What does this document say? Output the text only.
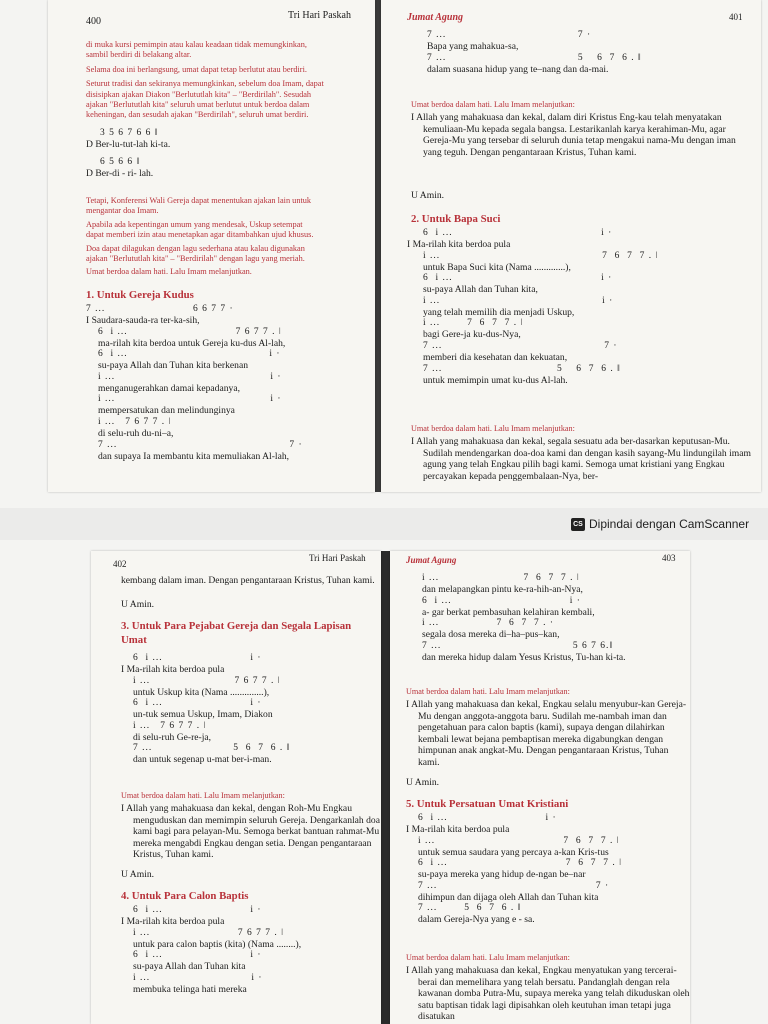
400
Tri Hari Paskah
di muka kursi pemimpin atau kalau keadaan tidak memungkinkan,
sambil berdiri di belakang altar.
Selama doa ini berlangsung, umat dapat tetap berlutut atau berdiri.
Seturut tradisi dan sekiranya memungkinkan, sebelum doa Imam, dapat
disisipkan ajakan Diakon "Berlututlah kita" – "Berdirilah". Sesudah
ajakan "Berlututlah kita" seluruh umat berlutut untuk berdoa dalam
keheningan, dan sesudah ajakan "Berdirilah", seluruh umat berdiri.
3 5 6 7 6 6 ǁ
D Ber-lu-tut-lah ki-ta.
6 5 6 6 ǁ
D Ber-di - ri- lah.
Tetapi, Konferensi Wali Gereja dapat menentukan ajakan lain untuk
mengantar doa Imam.
Apabila ada kepentingan umum yang mendesak, Uskup setempat
dapat memberi izin atau menetapkan agar ditambahkan ujud khusus.
Doa dapat dilagukan dengan lagu sederhana atau kalau digunakan
ajakan "Berlututlah kita" – "Berdirilah" dengan lagu yang meriah.
Umat berdoa dalam hati. Lalu Imam melanjutkan.
1. Untuk Gereja Kudus
7 ...                          6 6 7 7 ·
I Saudara-sauda-ra ter-ka-sih,
6  i ...                                7 6 7 7 . ǀ
ma-rilah kita berdoa untuk Gereja ku-dus Al-lah,
6  i ...                                          i ·
su-paya Allah dan Tuhan kita berkenan
i ...                                              i ·
menganugerahkan damai kepadanya,
i ...                                              i ·
mempersatukan dan melindunginya
i ...   7 6 7 7 . ǀ
di selu-ruh du-ni–a,
7 ...                                                   7 ·
dan supaya Ia membantu kita memuliakan Al-lah,
Jumat Agung	401
7 ...                                       7 ·
Bapa yang mahakua-sa,
7 ...                                       5    6  7  6 . ǁ
dalam suasana hidup yang te–nang dan da-mai.
Umat berdoa dalam hati. Lalu Imam melanjutkan:
I Allah yang mahakuasa dan kekal, dalam diri Kristus Eng-kau telah menyatakan kemuliaan-Mu kepada segala bangsa. Lestarikanlah karya kerahiman-Mu, agar Gereja-Mu yang tersebar di seluruh dunia tetap mengakui nama-Mu dengan iman yang teguh. Dengan pengantaraan Kristus, Tuhan kami.
U Amin.
2. Untuk Bapa Suci
6  i ...                                            i ·
I Ma-rilah kita berdoa pula
i ...                                                7  6  7  7 . ǀ
untuk Bapa Suci kita (Nama .............),
6  i ...                                            i ·
su-paya Allah dan Tuhan kita,
i ...                                                i ·
yang telah memilih dia menjadi Uskup,
i ...        7  6  7  7 . ǀ
bagi Gere-ja ku-dus-Nya,
7 ...                                                7 ·
memberi dia kesehatan dan kekuatan,
7 ...                                  5    6  7  6 . ǁ
untuk memimpin umat ku-dus Al-lah.
Umat berdoa dalam hati. Lalu Imam melanjutkan:
I Allah yang mahakuasa dan kekal, segala sesuatu ada ber-dasarkan keputusan-Mu. Sudilah mendengarkan doa-doa kami dan dengan kasih sayang-Mu lindungilah imam agung yang telah Engkau pilih bagi kami. Semoga umat kristiani yang Engkau percayakan kepada penggembalaan-Nya, ber-
CS Dipindai dengan CamScanner
402
Tri Hari Paskah
kembang dalam iman. Dengan pengantaraan Kristus, Tuhan kami.
U Amin.
3. Untuk Para Pejabat Gereja dan Segala Lapisan Umat
6  i ...                          i ·
I Ma-rilah kita berdoa pula
i ...                         7 6 7 7 . ǀ
untuk Uskup kita (Nama ..............),
6  i ...                          i ·
un-tuk semua Uskup, Imam, Diakon
i ...   7 6 7 7 . ǀ
di selu-ruh Ge-re-ja,
7 ...                        5  6  7  6 . ǁ
dan untuk segenap u-mat ber-i-man.
Umat berdoa dalam hati. Lalu Imam melanjutkan:
I Allah yang mahakuasa dan kekal, dengan Roh-Mu Engkau menguduskan dan memimpin seluruh Gereja. Dengarkanlah doa kami bagi para pelayan-Mu. Semoga berkat bantuan rahmat-Mu mereka mengabdi Engkau dengan setia. Dengan pengantaraan Kristus, Tuhan kami.
U Amin.
4. Untuk Para Calon Baptis
6  i ...                          i ·
I Ma-rilah kita berdoa pula
i ...                          7 6 7 7 . ǀ
untuk para calon baptis (kita) (Nama ........),
6  i ...                          i ·
su-paya Allah dan Tuhan kita
i ...                              i ·
membuka telinga hati mereka
Jumat Agung	403
i ...                         7  6  7  7 . ǀ
dan melapangkan pintu ke-ra-hih-an-Nya,
6  i ...                                   i ·
a- gar berkat pembasuhan kelahiran kembali,
i ...                 7  6  7  7 . ·
segala dosa mereka di–ha–pus–kan,
7 ...                                       5 6 7 6.ǁ
dan mereka hidup dalam Yesus Kristus, Tu-han ki-ta.
Umat berdoa dalam hati. Lalu Imam melanjutkan:
I Allah yang mahakuasa dan kekal, Engkau selalu menyubur-kan Gereja-Mu dengan anggota-anggota baru. Sudilah me-nambah iman dan pengetahuan para calon baptis (kami), supaya dengan dilahirkan kembali lewat bejana pembaptisan mereka digabungkan dengan himpunan anak angkat-Mu. Dengan pengantaraan Kristus, Tuhan kami.
U Amin.
5. Untuk Persatuan Umat Kristiani
6  i ...                             i ·
I Ma-rilah kita berdoa pula
i ...                                      7  6  7  7 . ǀ
untuk semua saudara yang percaya a-kan Kris-tus
6  i ...                                   7  6  7  7 . ǀ
su-paya mereka yang hidup de-ngan be–nar
7 ...                                               7 ·
dihimpun dan dijaga oleh Allah dan Tuhan kita
7 ...        5  6  7  6 . ǁ
dalam Gereja-Nya yang e - sa.
Umat berdoa dalam hati. Lalu Imam melanjutkan:
I Allah yang mahakuasa dan kekal, Engkau menyatukan yang tercerai-berai dan memelihara yang telah bersatu. Pandanglah dengan rela kawanan domba Putra-Mu, supaya mereka yang telah dikuduskan oleh satu baptisan tidak lagi dipisahkan oleh keutuhan iman tetapi juga disatukan
